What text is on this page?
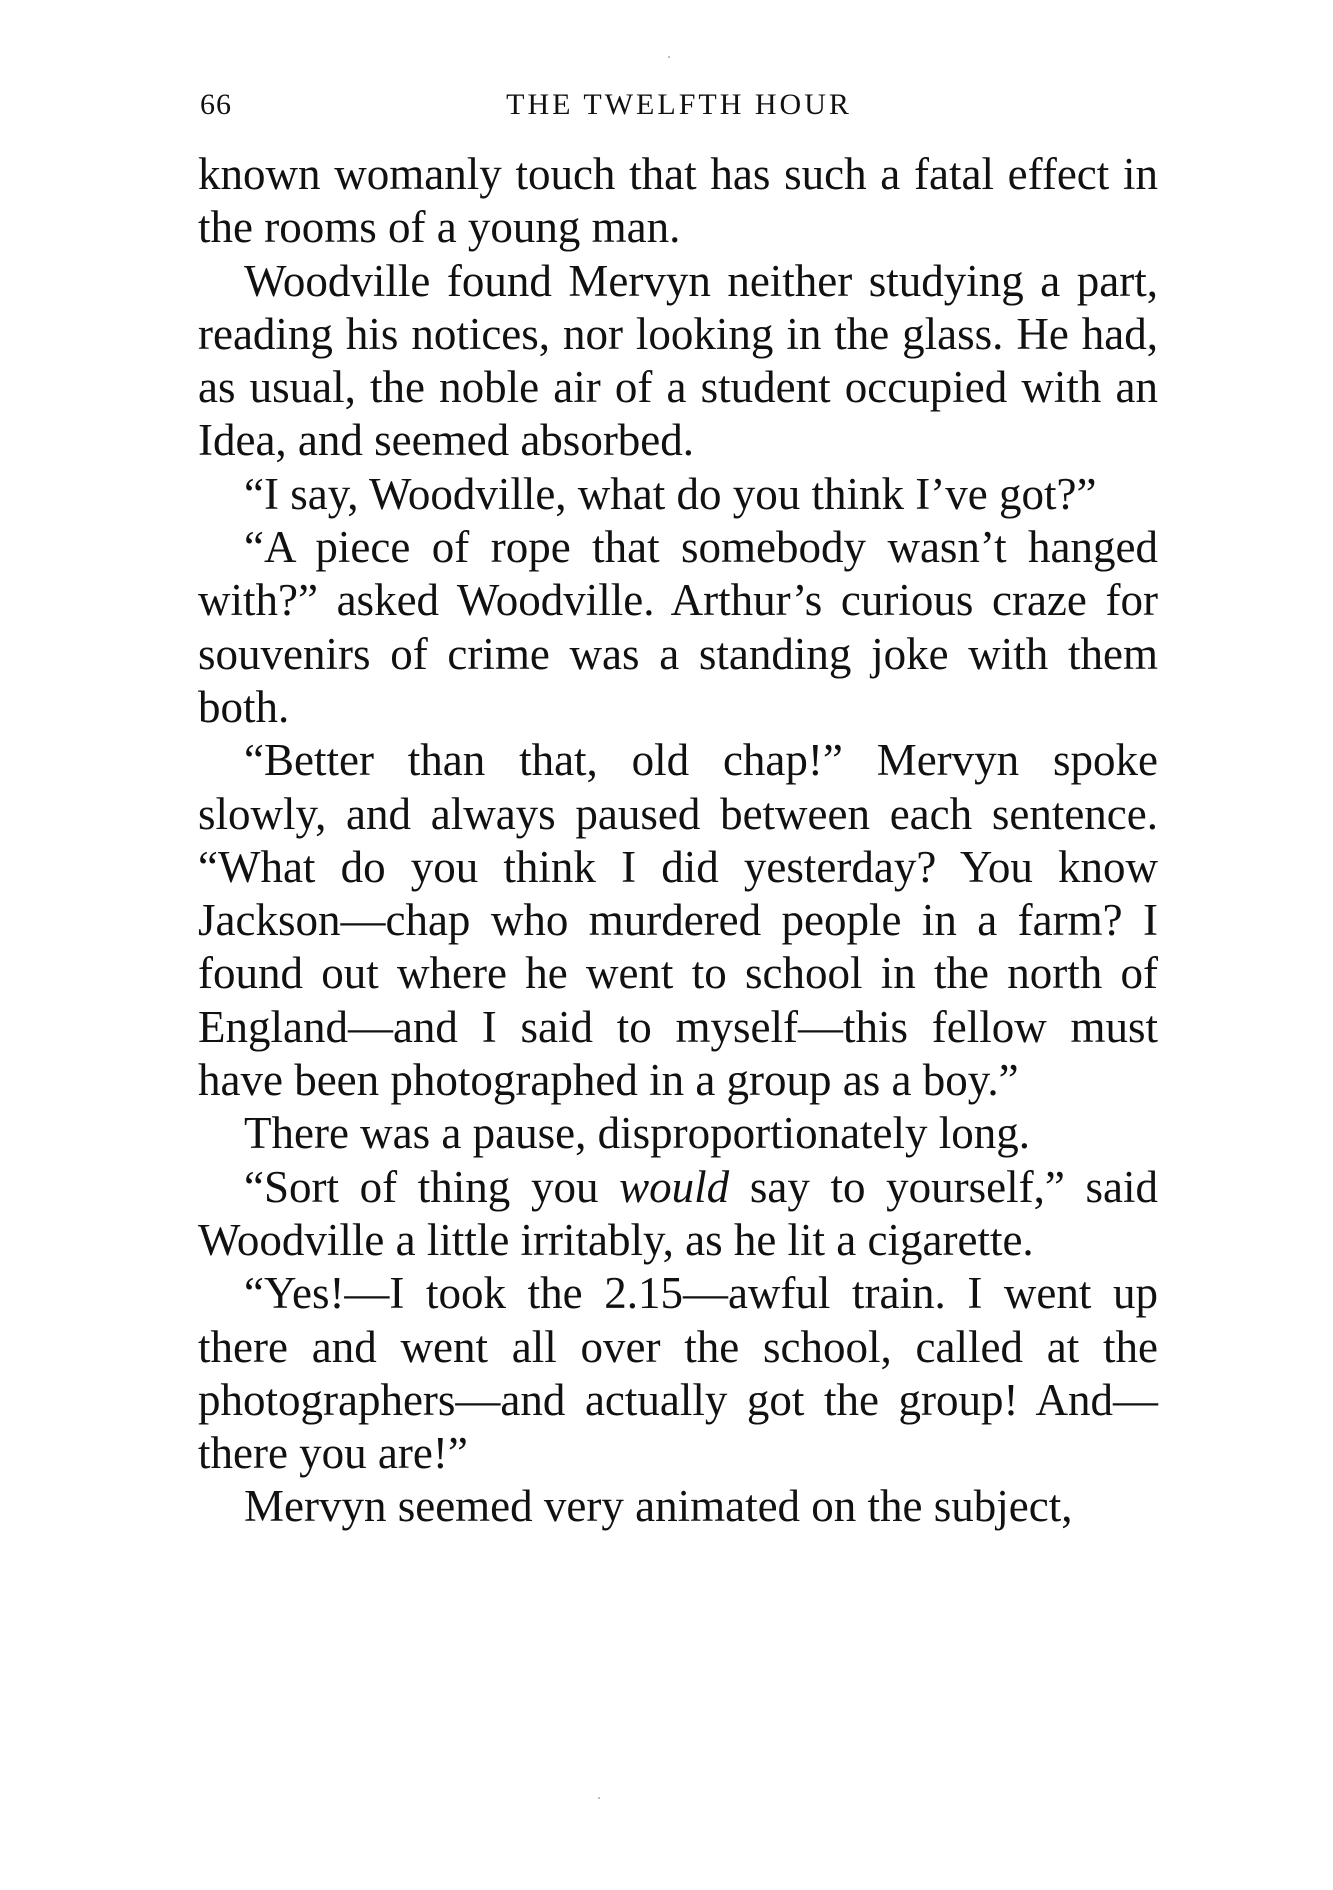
66	THE TWELFTH HOUR

known womanly touch that has such a fatal effect in the rooms of a young man.

Woodville found Mervyn neither studying a part, reading his notices, nor looking in the glass. He had, as usual, the noble air of a student occupied with an Idea, and seemed absorbed.

“I say, Woodville, what do you think I’ve got?”

“A piece of rope that somebody wasn’t hanged with?” asked Woodville. Arthur’s curious craze for souvenirs of crime was a standing joke with them both.

“Better than that, old chap!” Mervyn spoke slowly, and always paused between each sentence. “What do you think I did yesterday? You know Jackson—chap who murdered people in a farm? I found out where he went to school in the north of England—and I said to myself—this fellow must have been photographed in a group as a boy.”

There was a pause, disproportionately long.

“Sort of thing you would say to yourself,” said Woodville a little irritably, as he lit a cigarette.

“Yes!—I took the 2.15—awful train. I went up there and went all over the school, called at the photographers—and actually got the group! And—there you are!”

Mervyn seemed very animated on the subject,
